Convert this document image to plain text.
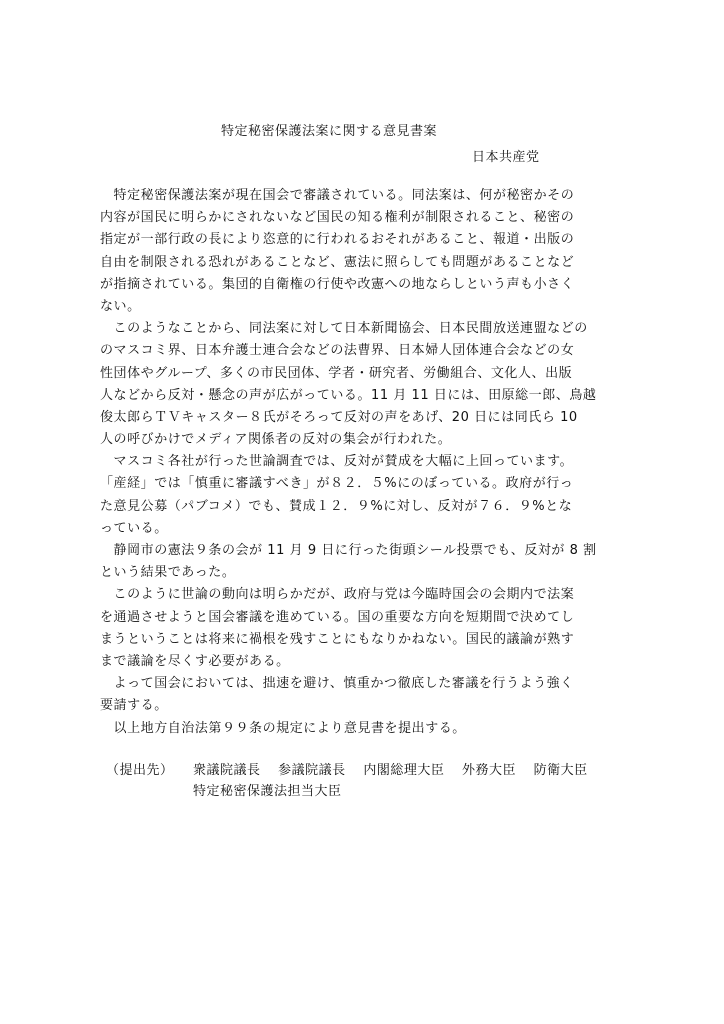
特定秘密保護法案に関する意見書案
日本共産党
　特定秘密保護法案が現在国会で審議されている。同法案は、何が秘密かその
内容が国民に明らかにされないなど国民の知る権利が制限されること、秘密の
指定が一部行政の長により恣意的に行われるおそれがあること、報道・出版の
自由を制限される恐れがあることなど、憲法に照らしても問題があることなど
が指摘されている。集団的自衛権の行使や改憲への地ならしという声も小さく
ない。
　このようなことから、同法案に対して日本新聞協会、日本民間放送連盟などの
のマスコミ界、日本弁護士連合会などの法曹界、日本婦人団体連合会などの女
性団体やグループ、多くの市民団体、学者・研究者、労働組合、文化人、出版
人などから反対・懸念の声が広がっている。11 月 11 日には、田原総一郎、鳥越
俊太郎らＴＶキャスター８氏がそろって反対の声をあげ、20 日には同氏ら 10
人の呼びかけでメディア関係者の反対の集会が行われた。
　マスコミ各社が行った世論調査では、反対が賛成を大幅に上回っています。
「産経」では「慎重に審議すべき」が８２．５%にのぼっている。政府が行っ
た意見公募（パブコメ）でも、賛成１２．９%に対し、反対が７６．９%とな
っている。
　静岡市の憲法９条の会が 11 月 9 日に行った街頭シール投票でも、反対が 8 割
という結果であった。
　このように世論の動向は明らかだが、政府与党は今臨時国会の会期内で法案
を通過させようと国会審議を進めている。国の重要な方向を短期間で決めてし
まうということは将来に禍根を残すことにもなりかねない。国民的議論が熟す
まで議論を尽くす必要がある。
　よって国会においては、拙速を避け、慎重かつ徹底した審議を行うよう強く
要請する。
　以上地方自治法第９９条の規定により意見書を提出する。
（提出先） 衆議院議長 参議院議長 内閣総理大臣 外務大臣 防衛大臣 特定秘密保護法担当大臣
